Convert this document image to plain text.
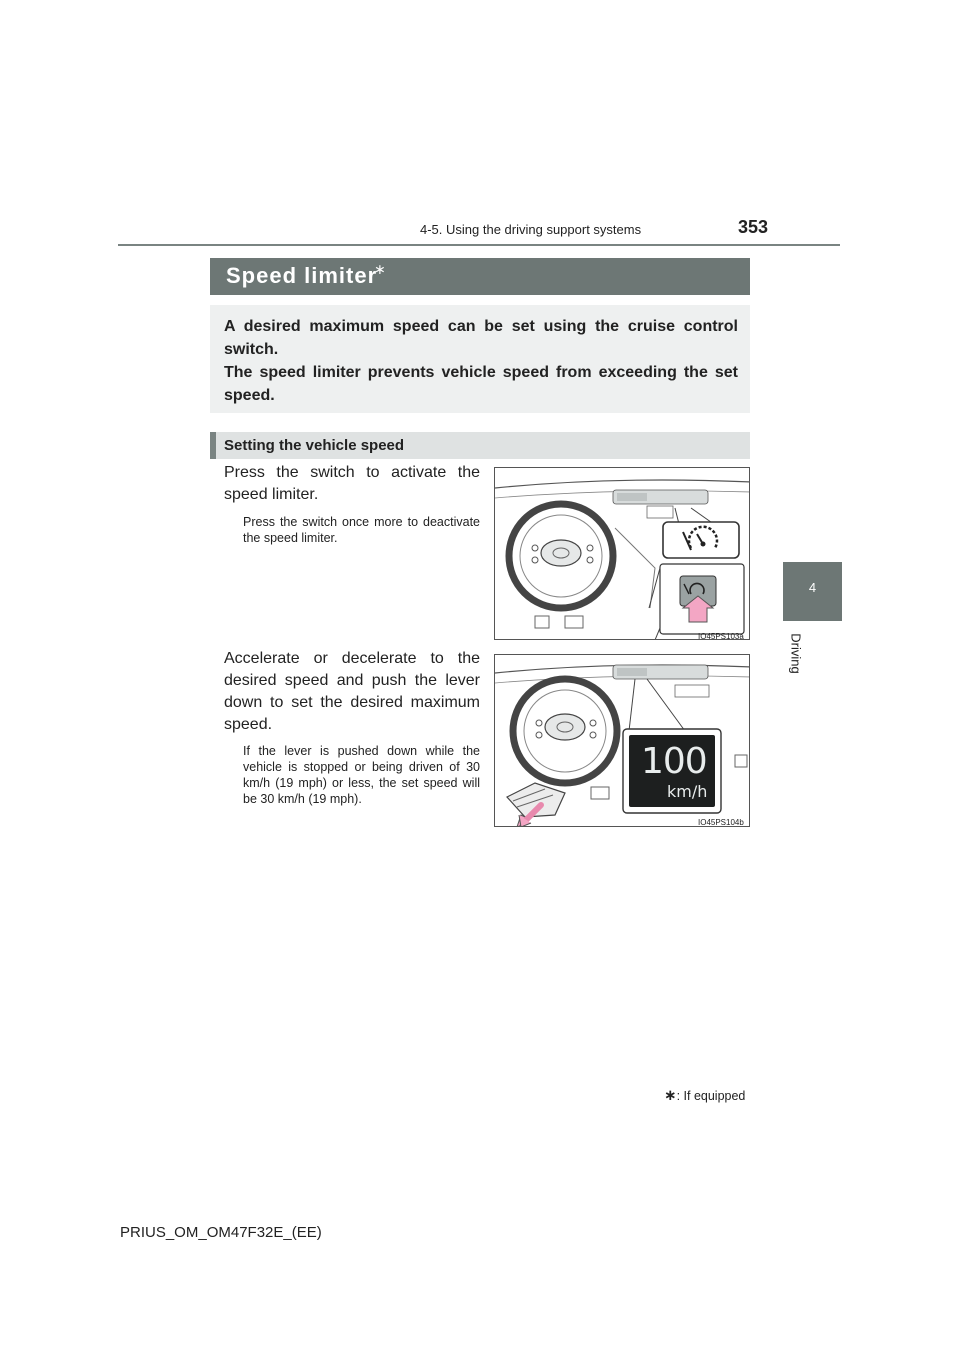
4-5. Using the driving support systems	353
4
Driving
Speed limiter
∗

A desired maximum speed can be set using the cruise control switch.

The speed limiter prevents vehicle speed from exceeding the set speed.

Setting the vehicle speed
Press the switch to activate the speed limiter.
Press the switch once more to deactivate the speed limiter.
IO45PS103a
Accelerate or decelerate to the desired speed and push the lever down to set the desired maximum speed.
If the lever is pushed down while the vehicle is stopped or being driven of 30 km/h (19 mph) or less, the set speed will be 30 km/h (19 mph).
100
km/h
IO45PS104b
∗: If equipped
PRIUS_OM_OM47F32E_(EE)
